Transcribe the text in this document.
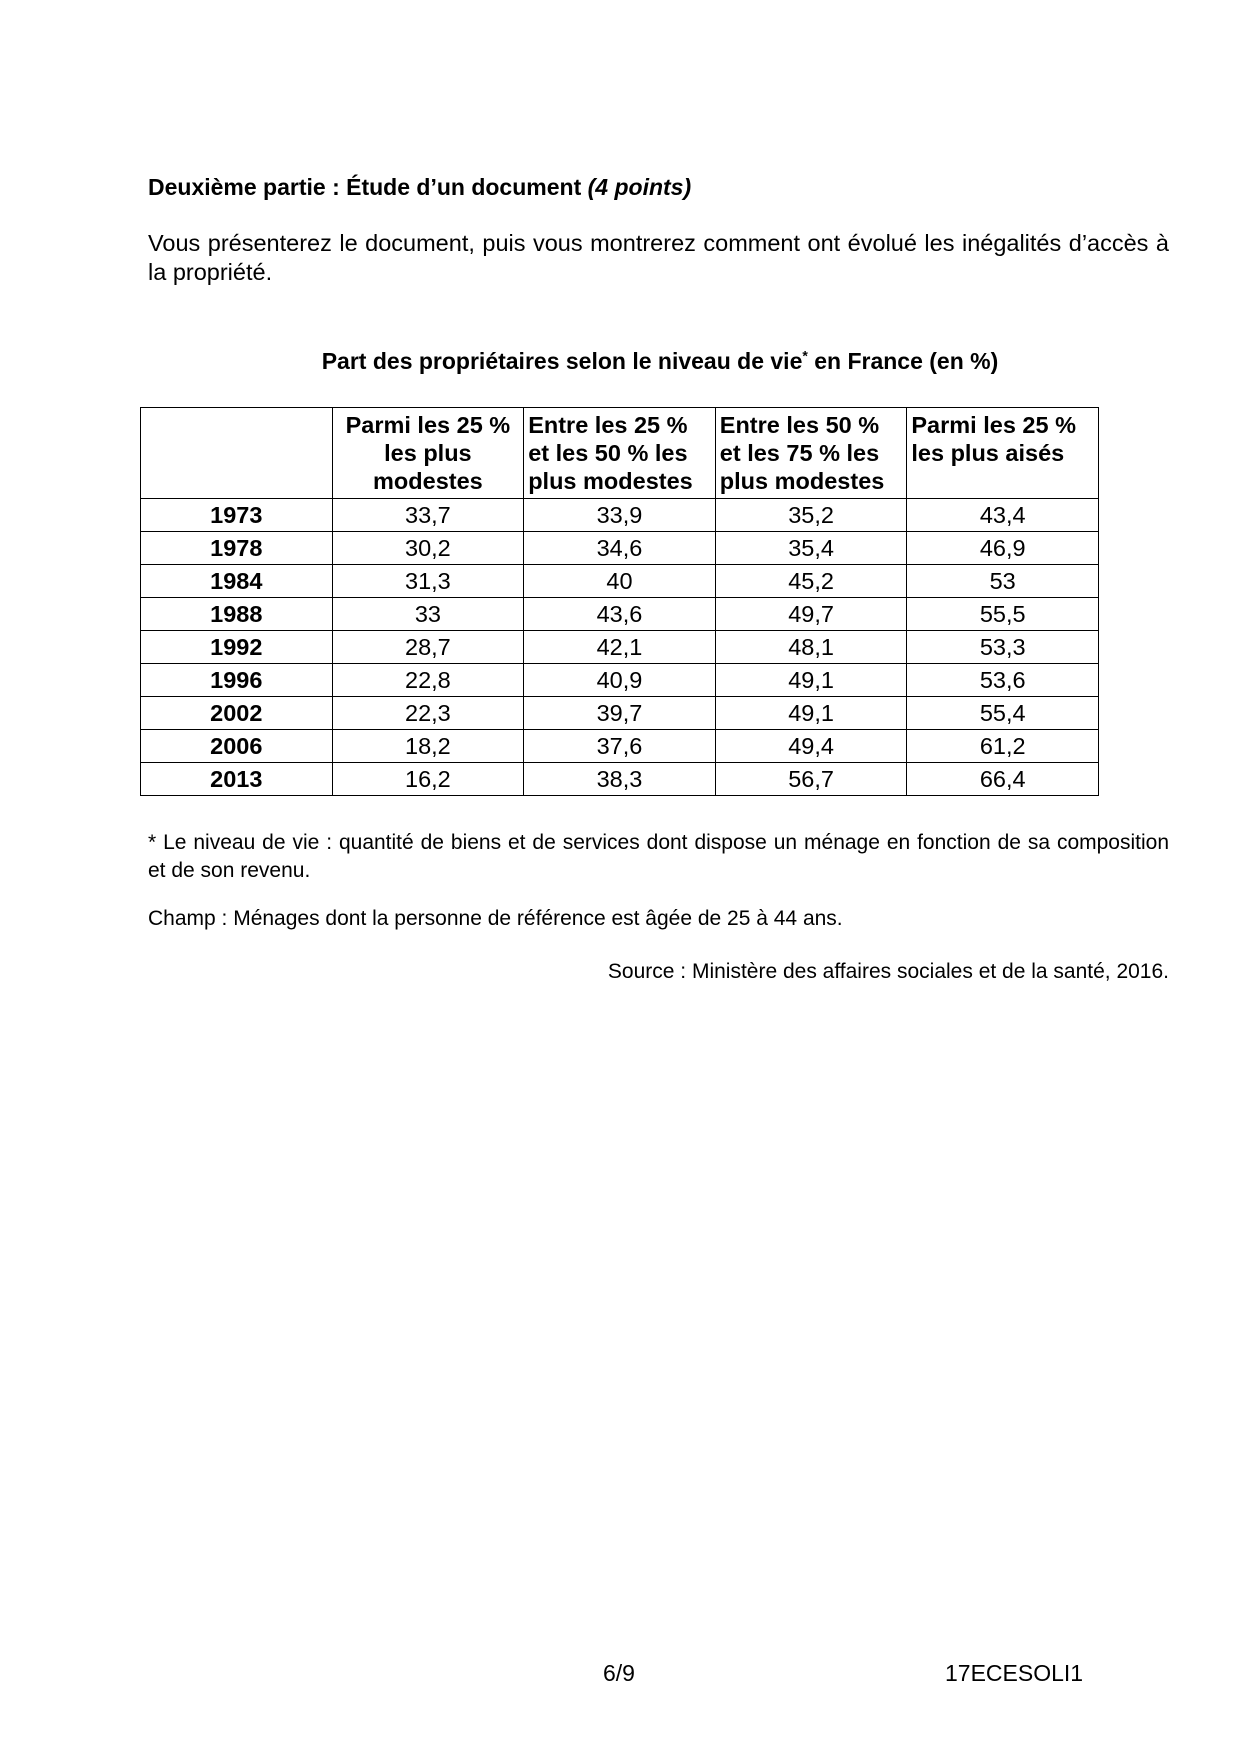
Deuxième partie : Étude d’un document (4 points)
Vous présenterez le document, puis vous montrerez comment ont évolué les inégalités d’accès à la propriété.
Part des propriétaires selon le niveau de vie* en France (en %)
	Parmi les 25 % les plus modestes	Entre les 25 % et les 50 % les plus modestes	Entre les 50 % et les 75 % les plus modestes	Parmi les 25 % les plus aisés
1973	33,7	33,9	35,2	43,4
1978	30,2	34,6	35,4	46,9
1984	31,3	40	45,2	53
1988	33	43,6	49,7	55,5
1992	28,7	42,1	48,1	53,3
1996	22,8	40,9	49,1	53,6
2002	22,3	39,7	49,1	55,4
2006	18,2	37,6	49,4	61,2
2013	16,2	38,3	56,7	66,4
* Le niveau de vie : quantité de biens et de services dont dispose un ménage en fonction de sa composition et de son revenu.
Champ : Ménages dont la personne de référence est âgée de 25 à 44 ans.
Source : Ministère des affaires sociales et de la santé, 2016.
6/9	17ECESOLI1
